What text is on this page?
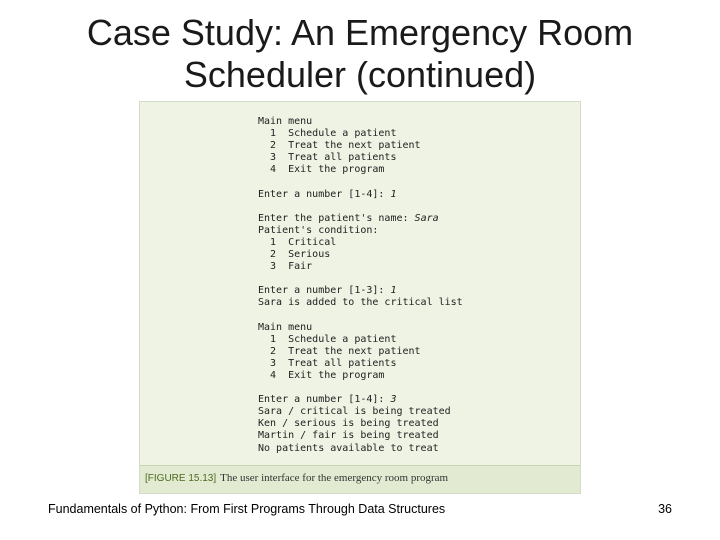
Case Study: An Emergency Room
Scheduler (continued)
Main menu
1  Schedule a patient
2  Treat the next patient
3  Treat all patients
4  Exit the program
Enter a number [1-4]: 1
Enter the patient's name: Sara
Patient's condition:
1  Critical
2  Serious
3  Fair
Enter a number [1-3]: 1
Sara is added to the critical list
Main menu
1  Schedule a patient
2  Treat the next patient
3  Treat all patients
4  Exit the program
Enter a number [1-4]: 3
Sara / critical is being treated
Ken / serious is being treated
Martin / fair is being treated
No patients available to treat
[FIGURE 15.13] The user interface for the emergency room program
Fundamentals of Python: From First Programs Through Data Structures	36
